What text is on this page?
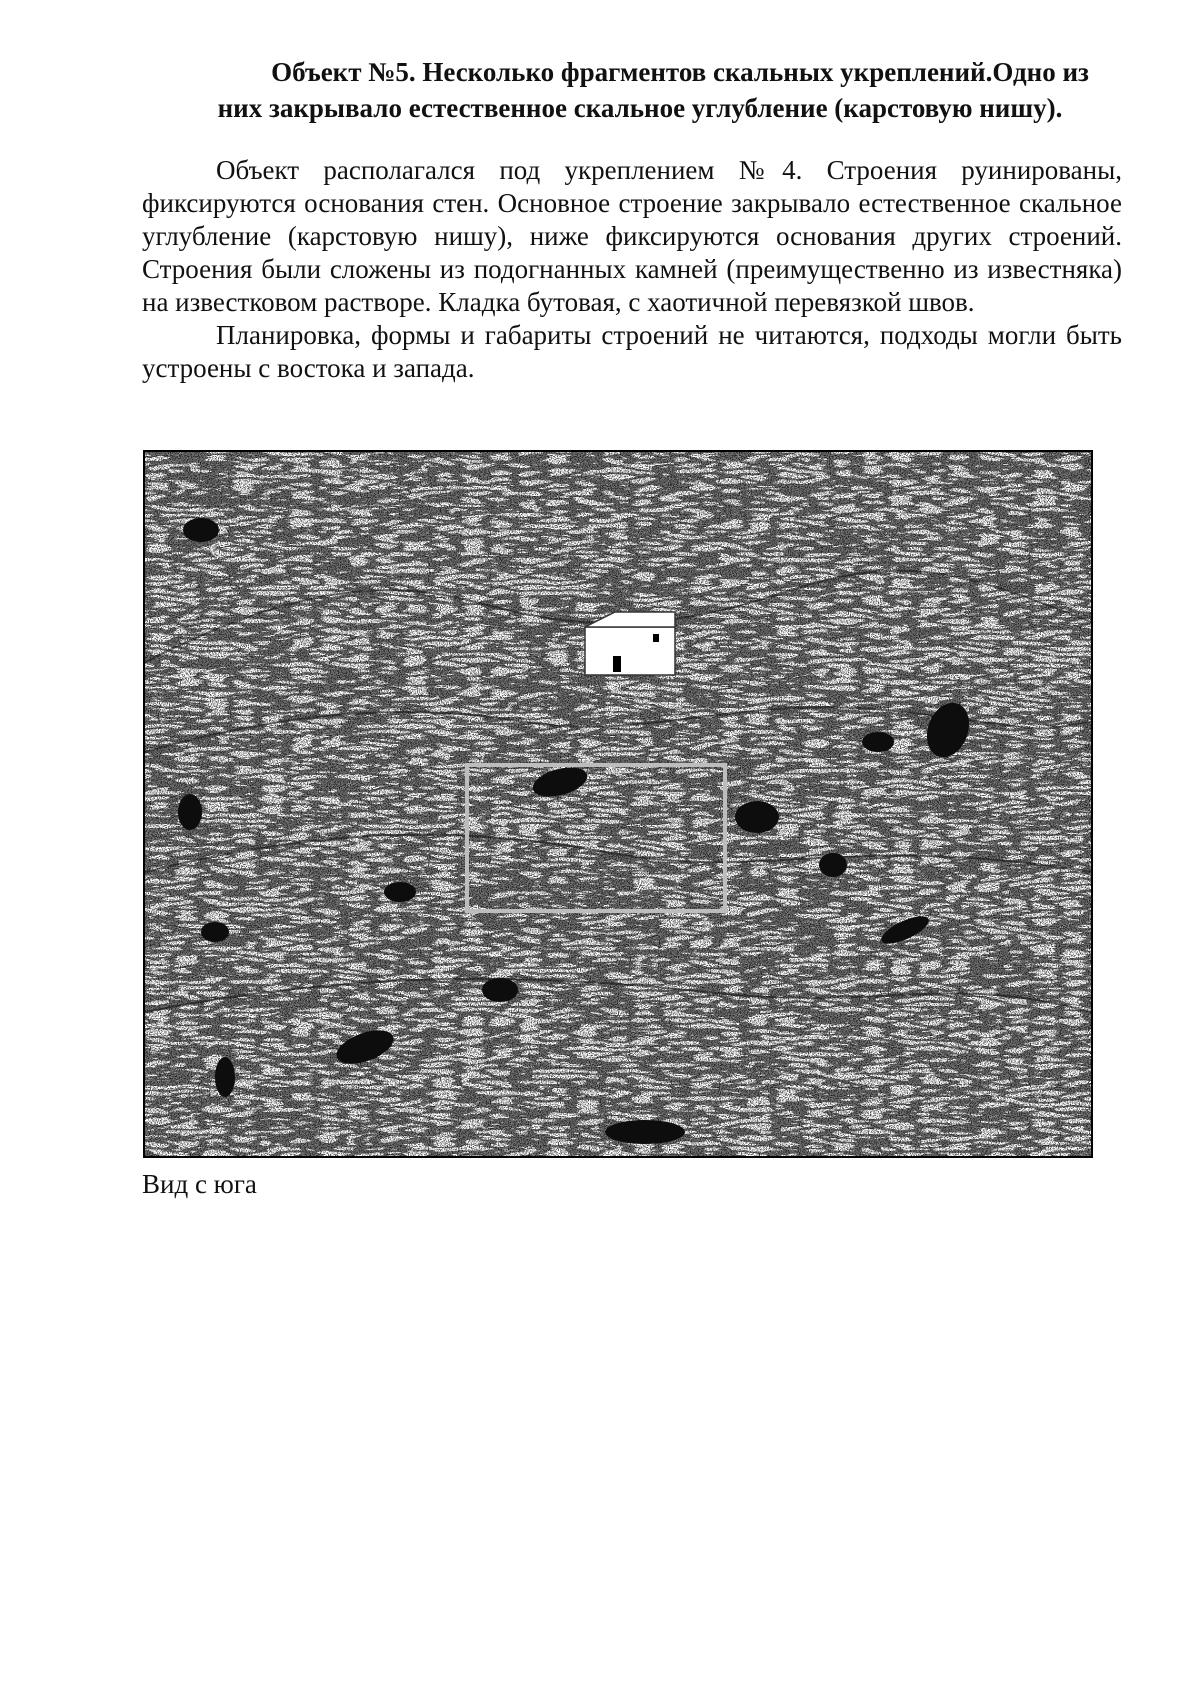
Объект №5. Несколько фрагментов скальных укреплений.Одно из
них закрывало естественное скальное углубление (карстовую нишу).

Объект располагался под укреплением №4. Строения руинированы, фиксируются основания стен. Основное строение закрывало естественное скальное углубление (карстовую нишу), ниже фиксируются основания других строений. Строения были сложены из подогнанных камней (преимущественно из известняка) на известковом растворе. Кладка бутовая, с хаотичной перевязкой швов.

Планировка, формы и габариты строений не читаются, подходы могли быть устроены с востока и запада.

Вид с юга
